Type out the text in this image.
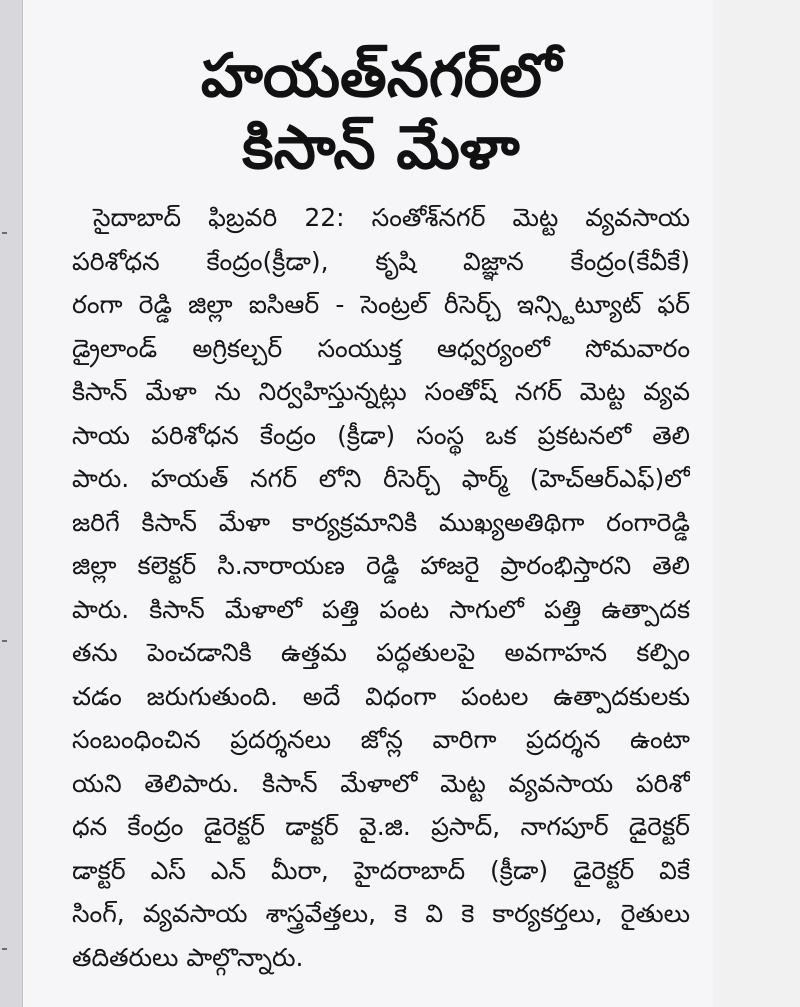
హయత్‌నగర్‌లో
కిసాన్ మేళా
సైదాబాద్ ఫిబ్రవరి 22: సంతోశ్‌నగర్ మెట్ట వ్యవసాయ
పరిశోధన కేంద్రం(క్రీడా), కృషి విజ్ఞాన కేంద్రం(కేవీకే)
రంగా రెడ్డి జిల్లా ఐసిఆర్ - సెంట్రల్ రీసెర్చ్ ఇన్స్టిట్యూట్ ఫర్
డ్రైలాండ్ అగ్రికల్చర్ సంయుక్త ఆధ్వర్యంలో సోమవారం
కిసాన్ మేళా ను నిర్వహిస్తున్నట్లు సంతోష్ నగర్ మెట్ట వ్యవ
సాయ పరిశోధన కేంద్రం (క్రీడా) సంస్థ ఒక ప్రకటనలో తెలి
పారు. హయత్ నగర్ లోని రీసెర్చ్ ఫార్మ్ (హెచ్ఆర్ఎఫ్)లో
జరిగే కిసాన్ మేళా కార్యక్రమానికి ముఖ్యఅతిథిగా రంగారెడ్డి
జిల్లా కలెక్టర్ సి.నారాయణ రెడ్డి హాజరై ప్రారంభిస్తారని తెలి
పారు. కిసాన్ మేళాలో పత్తి పంట సాగులో పత్తి ఉత్పాదక
తను పెంచడానికి ఉత్తమ పద్ధతులపై అవగాహన కల్పిం
చడం జరుగుతుంది. అదే విధంగా పంటల ఉత్పాదకులకు
సంబంధించిన ప్రదర్శనలు జోన్ల వారిగా ప్రదర్శన ఉంటా
యని తెలిపారు. కిసాన్ మేళాలో మెట్ట వ్యవసాయ పరిశో
ధన కేంద్రం డైరెక్టర్ డాక్టర్ వై.జి. ప్రసాద్, నాగపూర్ డైరెక్టర్
డాక్టర్ ఎస్ ఎన్ మీరా, హైదరాబాద్ (క్రీడా) డైరెక్టర్ వికే
సింగ్, వ్యవసాయ శాస్త్రవేత్తలు, కె వి కె కార్యకర్తలు, రైతులు
తదితరులు పాల్గొన్నారు.
